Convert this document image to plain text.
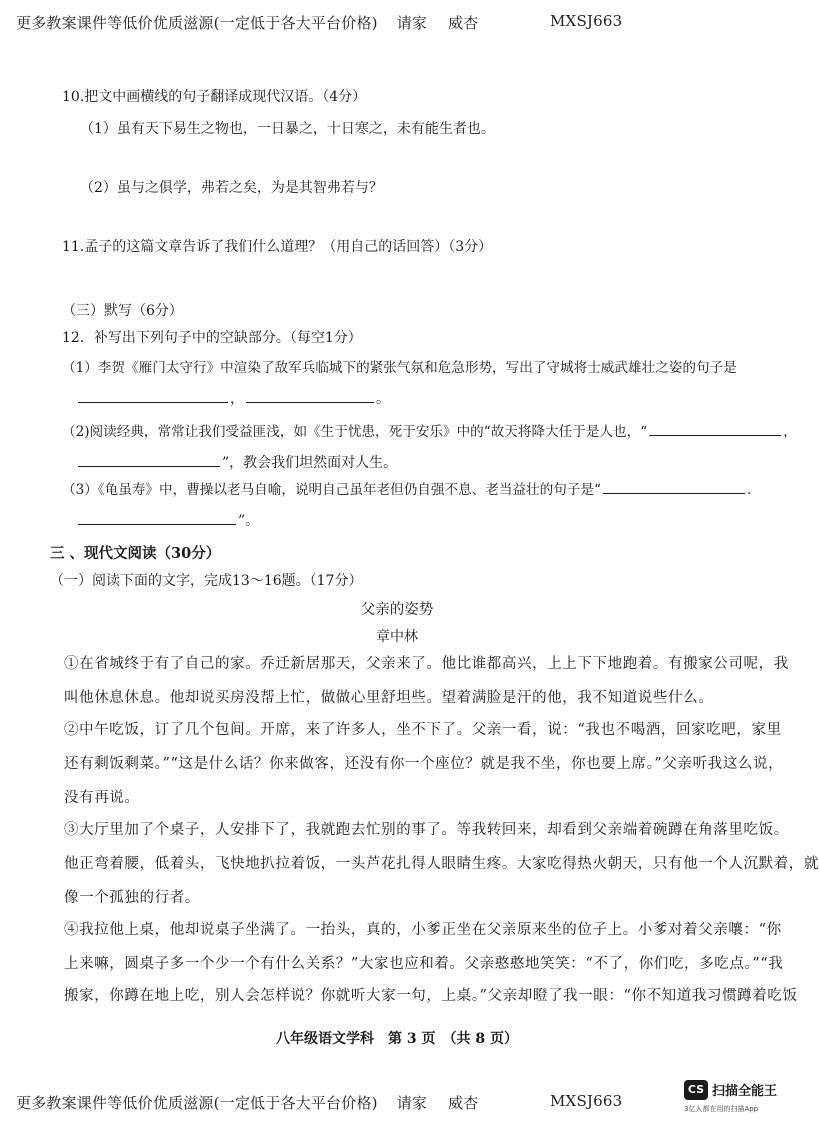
更多教案课件等低价优质滋源(一定低于各大平台价格) 请家 威杏	MXSJ663
10.把文中画横线的句子翻译成现代汉语。（4分）
（1）虽有天下易生之物也，一日暴之，十日寒之，未有能生者也。
（2）虽与之俱学，弗若之矣，为是其智弗若与？
11.孟子的这篇文章告诉了我们什么道理？（用自己的话回答）（3分）
（三）默写（6分）
12．补写出下列句子中的空缺部分。（每空1分）
（1）李贺《雁门太守行》中渲染了敌军兵临城下的紧张气氛和危急形势，写出了守城将士威武雄壮之姿的句子是
，	。
（2)阅读经典，常常让我们受益匪浅，如《生于忧患，死于安乐》中的“故天将降大任于是人也，“	，
”，教会我们坦然面对人生。
（3）《龟虽寿》中，曹操以老马自喻，说明自己虽年老但仍自强不息、老当益壮的句子是“	.
”。
三 、现代文阅读（30分）
（一）阅读下面的文字，完成13～16题。（17分）
父亲的姿势
章中林
①在省城终于有了自己的家。乔迁新居那天，父亲来了。他比谁都高兴，上上下下地跑着。有搬家公司呢，我
叫他休息休息。他却说买房没帮上忙，做做心里舒坦些。望着满脸是汗的他，我不知道说些什么。
②中午吃饭，订了几个包间。开席，来了许多人，坐不下了。父亲一看，说：“我也不喝酒，回家吃吧，家里
还有剩饭剩菜。”“这是什么话？你来做客，还没有你一个座位？就是我不坐，你也要上席。”父亲听我这么说，
没有再说。
③大厅里加了个桌子，人安排下了，我就跑去忙别的事了。等我转回来，却看到父亲端着碗蹲在角落里吃饭。
他正弯着腰，低着头，飞快地扒拉着饭，一头芦花扎得人眼睛生疼。大家吃得热火朝天，只有他一个人沉默着，就
像一个孤独的行者。
④我拉他上桌，他却说桌子坐满了。一抬头，真的，小爹正坐在父亲原来坐的位子上。小爹对着父亲嚷：“你
上来嘛，圆桌子多一个少一个有什么关系？”大家也应和着。父亲憨憨地笑笑：“不了，你们吃，多吃点。”“我
搬家，你蹲在地上吃，别人会怎样说？你就听大家一句，上桌。”父亲却瞪了我一眼：“你不知道我习惯蹲着吃饭
八年级语文学科　第 3 页　（共 8 页）
更多教案课件等低价优质滋源(一定低于各大平台价格) 请家 威杏	MXSJ663
CS 扫描全能王
3亿人都在用的扫描App
